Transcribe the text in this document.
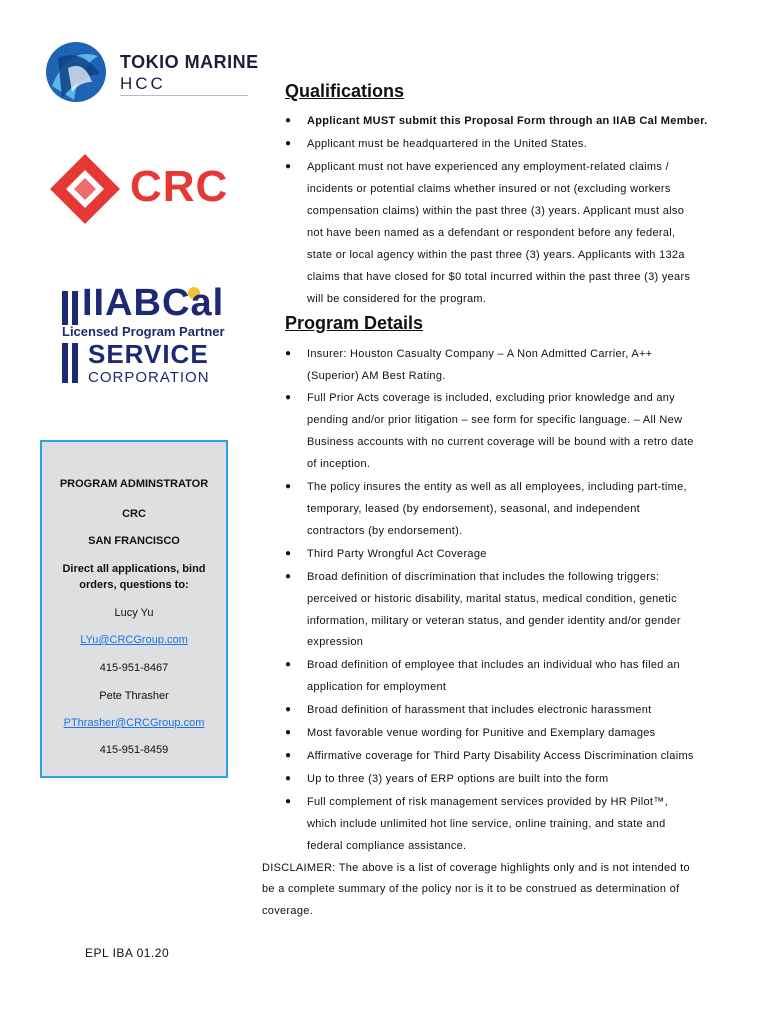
TOKIO MARINE
HCC
CRC
IIABCal
Licensed Program Partner
SERVICE
CORPORATION
PROGRAM ADMINSTRATOR
CRC
SAN FRANCISCO
Direct all applications, bind
orders, questions to:
Lucy Yu
LYu@CRCGroup.com
415-951-8467
Pete Thrasher
PThrasher@CRCGroup.com
415-951-8459
Qualifications
● Applicant MUST submit this Proposal Form through an IIAB Cal Member.
● Applicant must be headquartered in the United States.
● Applicant must not have experienced any employment-related claims /
incidents or potential claims whether insured or not (excluding workers
compensation claims) within the past three (3) years. Applicant must also
not have been named as a defendant or respondent before any federal,
state or local agency within the past three (3) years. Applicants with 132a
claims that have closed for $0 total incurred within the past three (3) years
will be considered for the program.
Program Details
● Insurer: Houston Casualty Company – A Non Admitted Carrier, A++
(Superior) AM Best Rating.
● Full Prior Acts coverage is included, excluding prior knowledge and any
pending and/or prior litigation – see form for specific language. – All New
Business accounts with no current coverage will be bound with a retro date
of inception.
● The policy insures the entity as well as all employees, including part-time,
temporary, leased (by endorsement), seasonal, and independent
contractors (by endorsement).
● Third Party Wrongful Act Coverage
● Broad definition of discrimination that includes the following triggers:
perceived or historic disability, marital status, medical condition, genetic
information, military or veteran status, and gender identity and/or gender
expression
● Broad definition of employee that includes an individual who has filed an
application for employment
● Broad definition of harassment that includes electronic harassment
● Most favorable venue wording for Punitive and Exemplary damages
● Affirmative coverage for Third Party Disability Access Discrimination claims
● Up to three (3) years of ERP options are built into the form
● Full complement of risk management services provided by HR Pilot™,
which include unlimited hot line service, online training, and state and
federal compliance assistance.
DISCLAIMER: The above is a list of coverage highlights only and is not intended to
be a complete summary of the policy nor is it to be construed as determination of
coverage.
EPL IBA 01.20
